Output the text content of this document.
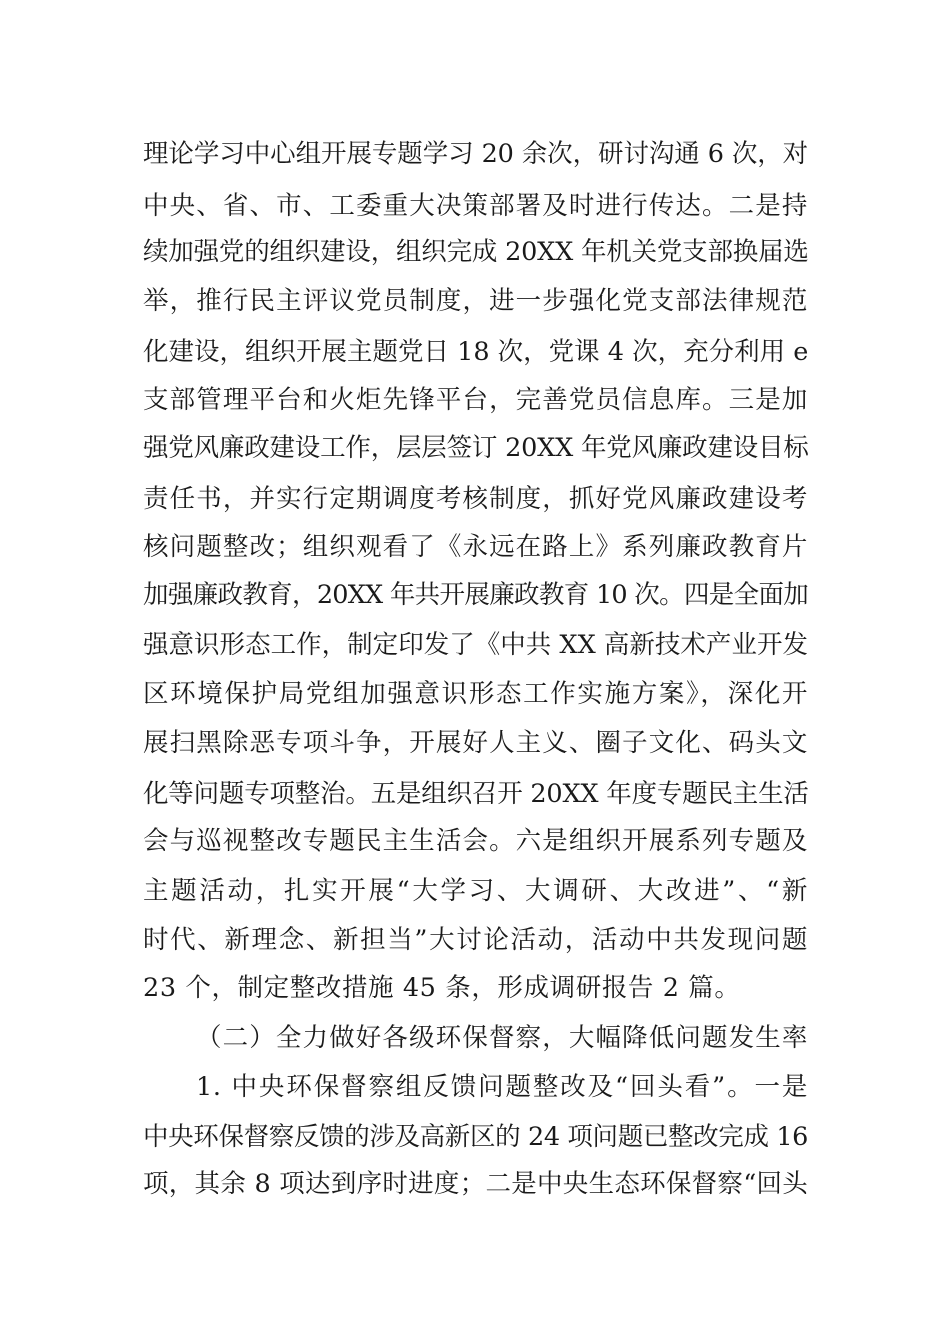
理论学习中心组开展专题学习 20 余次，研讨沟通 6 次，对
中央、省、市、工委重大决策部署及时进行传达。二是持
续加强党的组织建设，组织完成 20XX 年机关党支部换届选
举，推行民主评议党员制度，进一步强化党支部法律规范
化建设，组织开展主题党日 18 次，党课 4 次，充分利用 e
支部管理平台和火炬先锋平台，完善党员信息库。三是加
强党风廉政建设工作，层层签订 20XX 年党风廉政建设目标
责任书，并实行定期调度考核制度，抓好党风廉政建设考
核问题整改；组织观看了《永远在路上》系列廉政教育片
加强廉政教育，20XX 年共开展廉政教育 10 次。四是全面加
强意识形态工作，制定印发了《中共 XX 高新技术产业开发
区环境保护局党组加强意识形态工作实施方案》，深化开
展扫黑除恶专项斗争，开展好人主义、圈子文化、码头文
化等问题专项整治。五是组织召开 20XX 年度专题民主生活
会与巡视整改专题民主生活会。六是组织开展系列专题及
主题活动，扎实开展“大学习、大调研、大改进”、“新
时代、新理念、新担当”大讨论活动，活动中共发现问题
23 个，制定整改措施 45 条，形成调研报告 2 篇。
（二）全力做好各级环保督察，大幅降低问题发生率
1. 中央环保督察组反馈问题整改及“回头看”。一是
中央环保督察反馈的涉及高新区的 24 项问题已整改完成 16
项，其余 8 项达到序时进度；二是中央生态环保督察“回头
